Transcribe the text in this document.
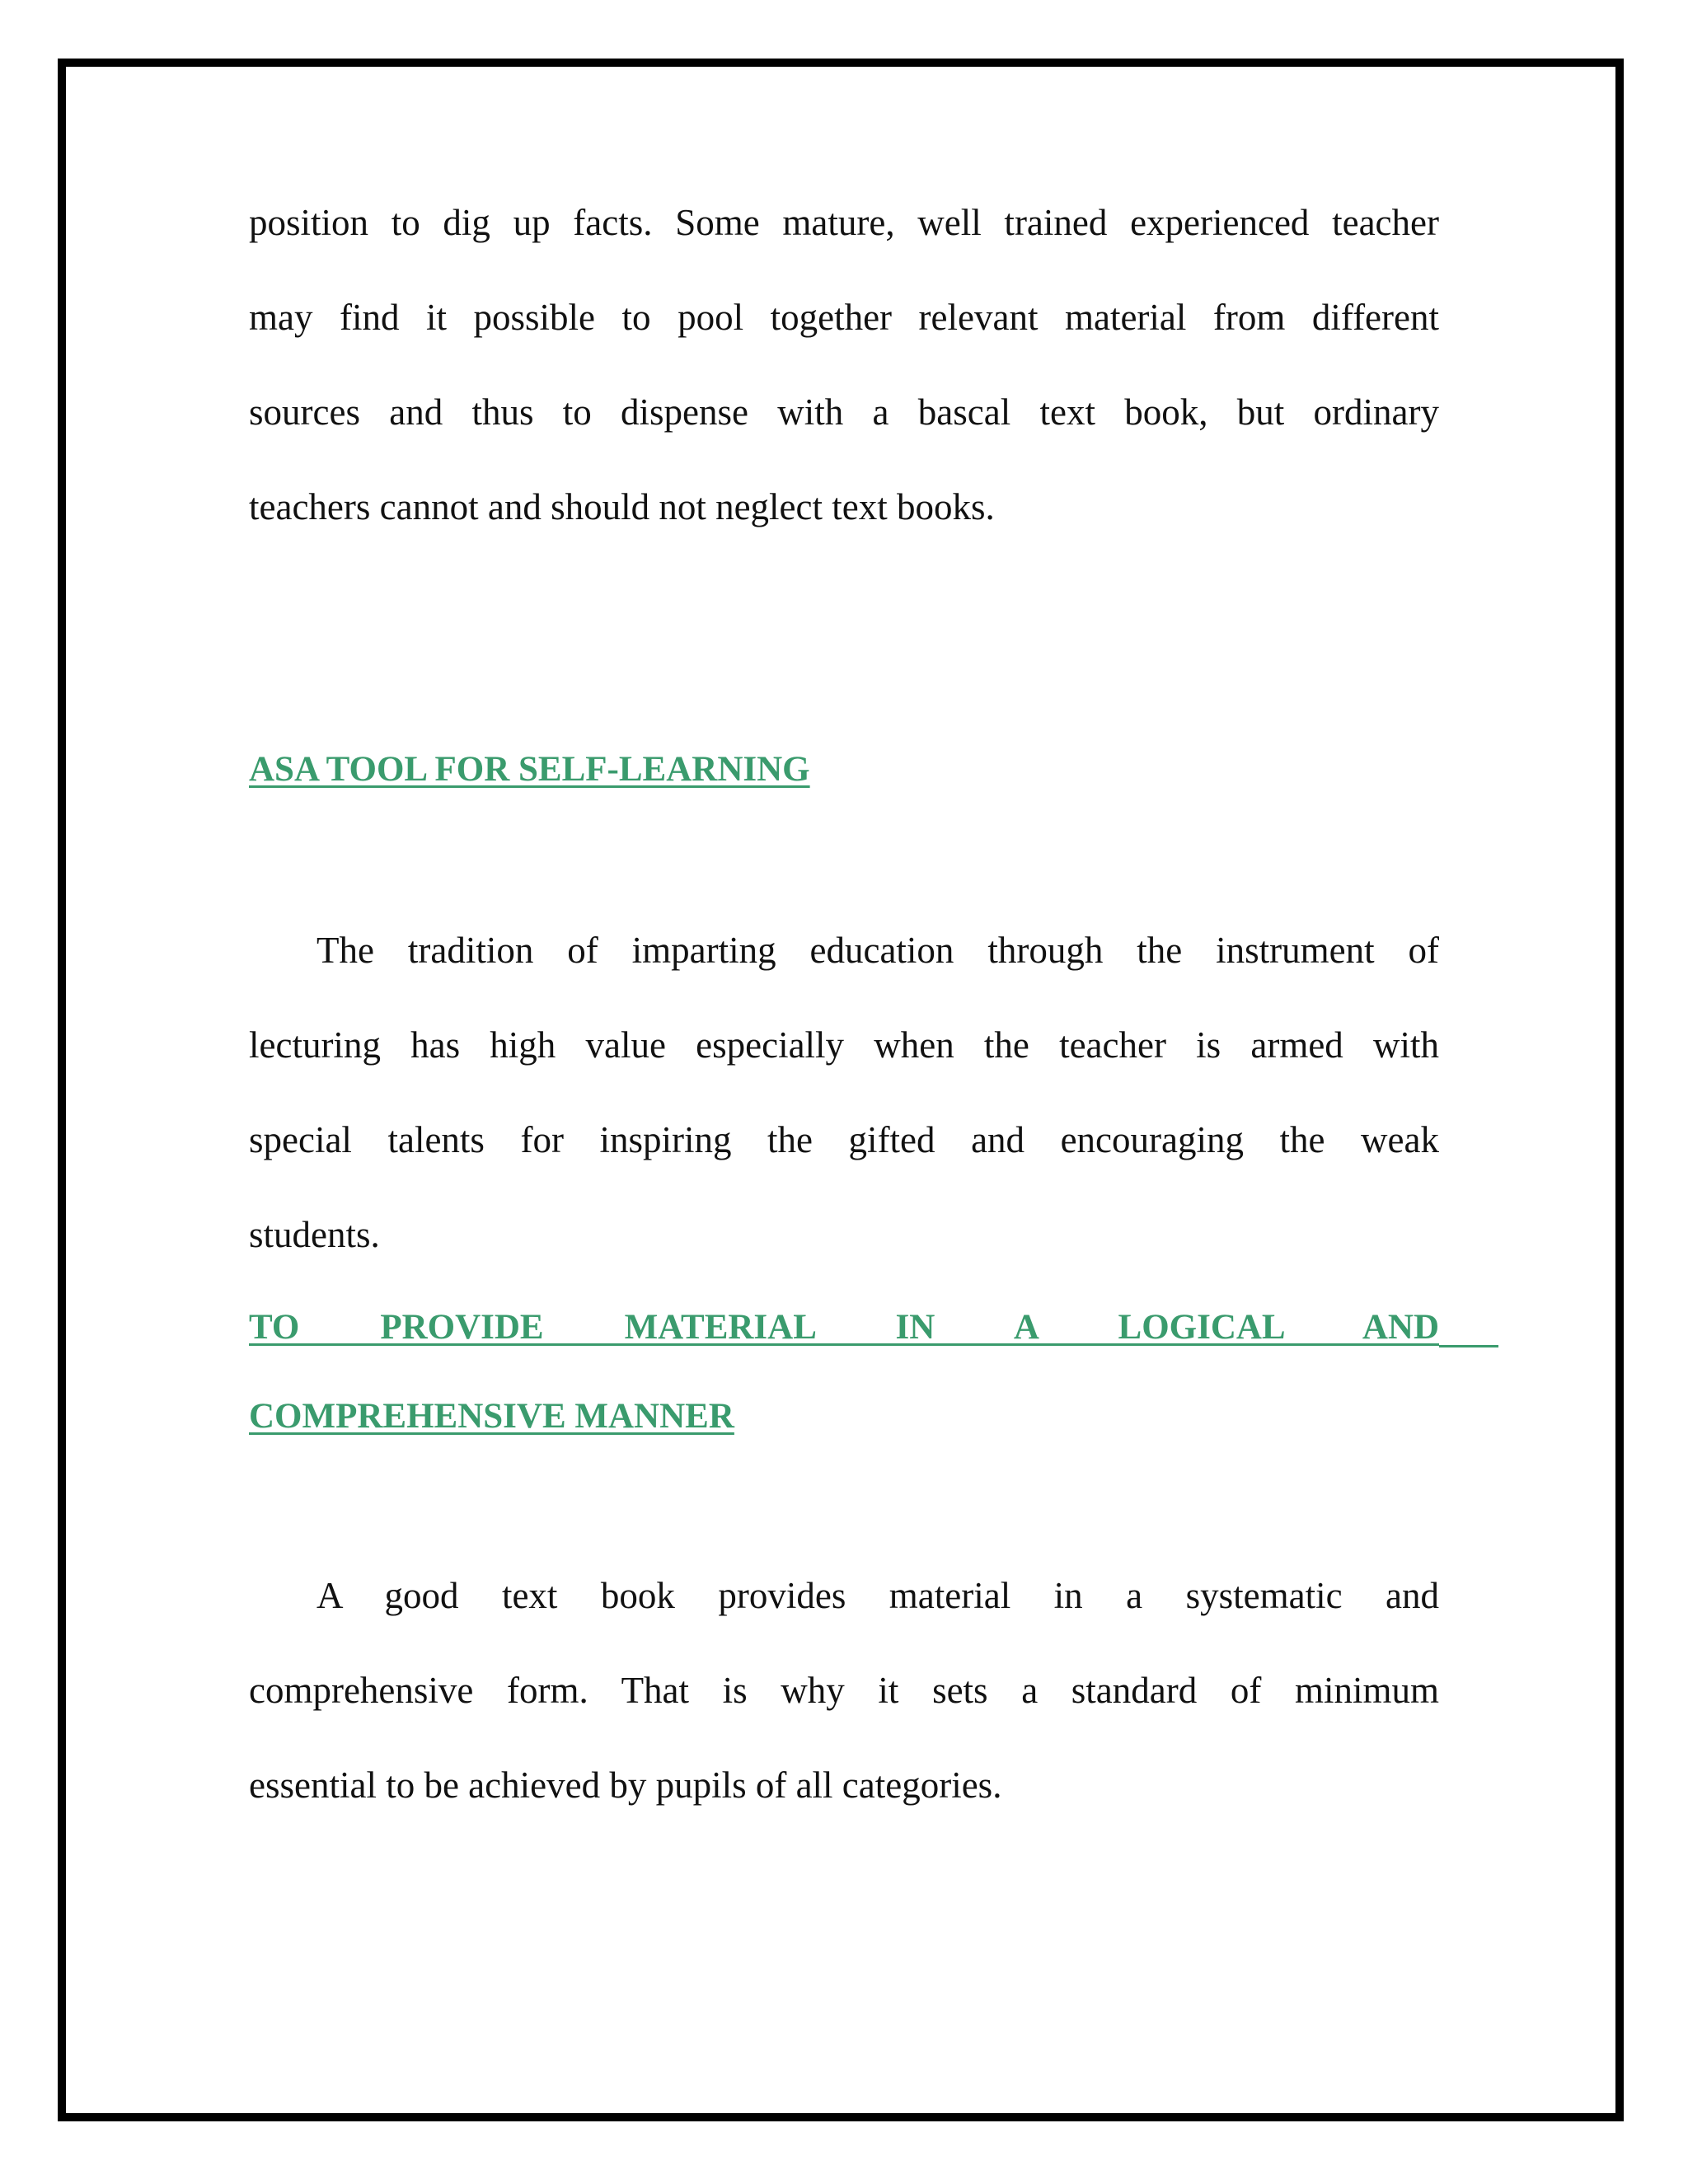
position to dig up facts. Some mature, well trained experienced teacher
may find it possible to pool together relevant material from different
sources and thus to dispense with a bascal text book, but ordinary
teachers cannot and should not neglect text books.
ASA TOOL FOR SELF-LEARNING
The tradition of imparting education through the instrument of
lecturing has high value especially when the teacher is armed with
special talents for inspiring the gifted and encouraging the weak
students.
TO PROVIDE MATERIAL IN A LOGICAL AND
COMPREHENSIVE MANNER
A good text book provides material in a systematic and
comprehensive form. That is why it sets a standard of minimum
essential to be achieved by pupils of all categories.
